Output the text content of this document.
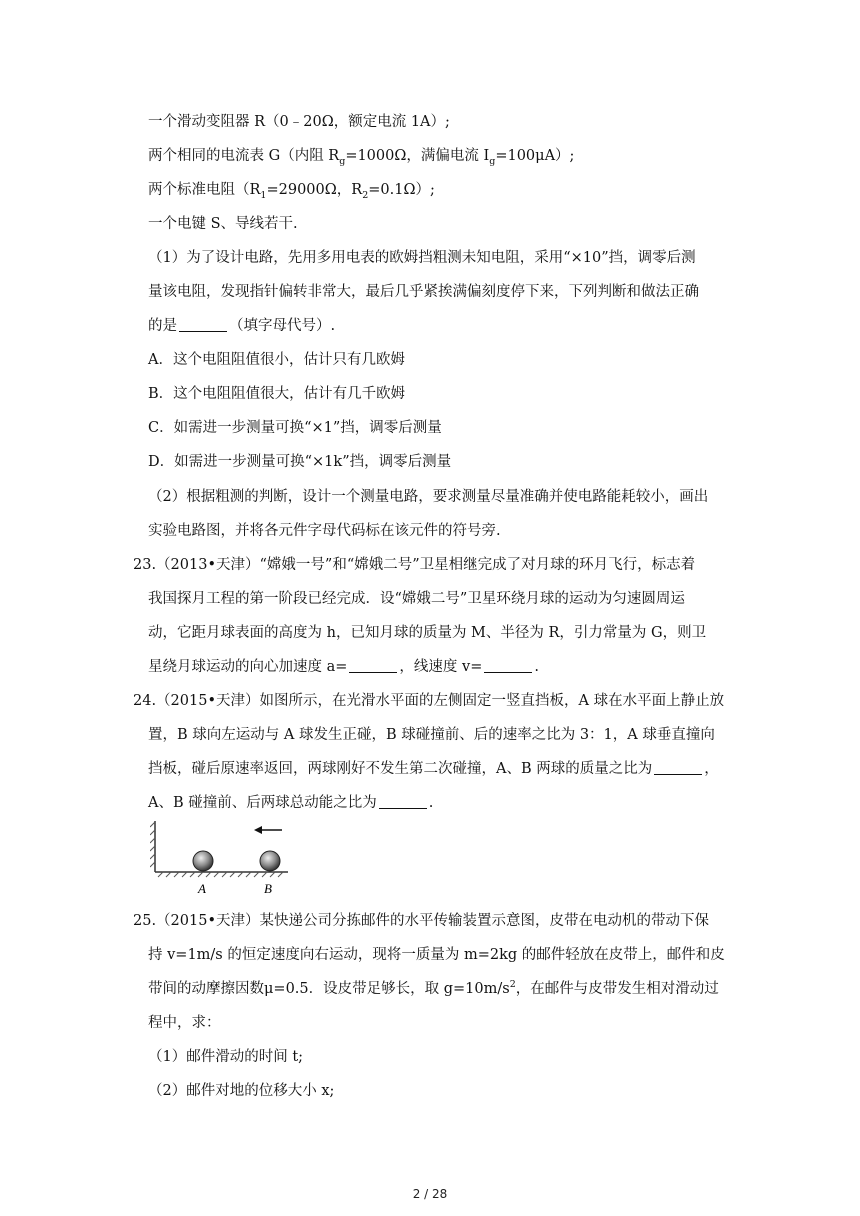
一个滑动变阻器 R（0﹣20Ω，额定电流 1A）;
两个相同的电流表 G（内阻 $R_g=1000\Omega$，满偏电流 $I_g=100\mu A$）;
两个标准电阻（$R_1=29000\Omega$，$R_2=0.1\Omega$）;
一个电键 S、导线若干.
（1）为了设计电路，先用多用电表的欧姆挡粗测未知电阻，采用“×10”挡，调零后测
量该电阻，发现指针偏转非常大，最后几乎紧挨满偏刻度停下来，下列判断和做法正确
的是	（填字母代号）.
A．这个电阻阻值很小，估计只有几欧姆
B．这个电阻阻值很大，估计有几千欧姆
C．如需进一步测量可换“×1”挡，调零后测量
D．如需进一步测量可换“×1k”挡，调零后测量
（2）根据粗测的判断，设计一个测量电路，要求测量尽量准确并使电路能耗较小，画出
实验电路图，并将各元件字母代码标在该元件的符号旁.
23.（2013•天津）“嫦娥一号”和“嫦娥二号”卫星相继完成了对月球的环月飞行，标志着
我国探月工程的第一阶段已经完成．设“嫦娥二号”卫星环绕月球的运动为匀速圆周运
动，它距月球表面的高度为 h，已知月球的质量为 M、半径为 R，引力常量为 G，则卫
星绕月球运动的向心加速度 a=	，线速度 v=	.
24.（2015•天津）如图所示，在光滑水平面的左侧固定一竖直挡板，A 球在水平面上静止放
置，B 球向左运动与 A 球发生正碰，B 球碰撞前、后的速率之比为 3：1，A 球垂直撞向
挡板，碰后原速率返回，两球刚好不发生第二次碰撞，A、B 两球的质量之比为	，
A、B 碰撞前、后两球总动能之比为	.
A	B
25.（2015•天津）某快递公司分拣邮件的水平传输装置示意图，皮带在电动机的带动下保
持 v=1m/s 的恒定速度向右运动，现将一质量为 m=2kg 的邮件轻放在皮带上，邮件和皮
带间的动摩擦因数μ=0.5．设皮带足够长，取 $g=10m/s^2$，在邮件与皮带发生相对滑动过
程中，求：
（1）邮件滑动的时间 t;
（2）邮件对地的位移大小 x;
2 / 28
